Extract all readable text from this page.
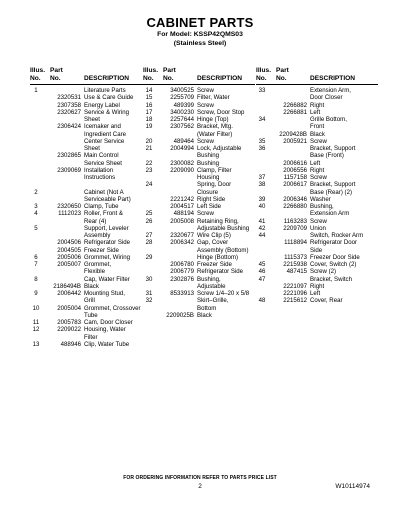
CABINET PARTS
For Model: KSSP42QMS03
(Stainless Steel)
Illus.
No.
Part
No.	DESCRIPTION
1	Literature Parts
2320531 Use & Care Guide
2307358 Energy Label
2320627 Service & Wiring
Sheet
2306424 Icemaker and
Ingredient Care
Center Service
Sheet
2302865 Main Control
Service Sheet
2309069 Installation
Instructions
2	Cabinet (Not A
Serviceable Part)
3	2320650 Clamp, Tube
4	1112023 Roller, Front &
Rear (4)
5	Support, Leveler
Assembly
2004506 Refrigerator Side
2004505 Freezer Side
6	2005006 Grommet, Wiring
7	2005007 Grommet,
Flexible
8	Cap, Water Filter
2186494B Black
9	2006442 Mounting Stud,
Grill
10	2005004 Grommet, Crossover
Tube
11	2005783 Cam, Door Closer
12	2209022 Housing, Water
Filter
13	488946 Clip, Water Tube
Illus.
No.
Part
No.	DESCRIPTION
14	3400525 Screw
15	2255709 Filter, Water
16	489399 Screw
17	3400230 Screw, Door Stop
18	2257644 Hinge (Top)
19	2307562 Bracket, Mtg.
(Water Filter)
20	489464 Screw
21	2004994 Lock, Adjustable
Bushing
22	2300082 Bushing
23	2209090 Clamp, Filter
Housing
24	Spring, Door
Closure
2221242 Right Side
2004517 Left Side
25	488194 Screw
26	2005008 Retaining Ring,
Adjustable Bushing
27	2320677 Wire Clip (5)
28	2006342 Gap, Cover
Assembly (Bottom)
29	Hinge (Bottom)
2006780 Freezer Side
2006779 Refrigerator Side
30	2302876 Bushing,
Adjustable
31	8533913 Screw 1/4–20 x 5/8
32	Skirt–Grille,
Bottom
2209025B Black
Illus.
No.
Part
No.	DESCRIPTION
33	Extension Arm,
Door Closer
2266882 Right
2266881 Left
34	Grille Bottom,
Front
2209428B Black
35	2005921 Screw
36	Bracket, Support
Base (Front)
2006616 Left
2006556 Right
37	1157158 Screw
38	2006617 Bracket, Support
Base (Rear) (2)
39	2006346 Washer
40	2266880 Bushing,
Extension Arm
41	1163283 Screw
42	2209709 Union
44	Switch, Rocker Arm
1118894 Refrigerator Door
Side
1115373 Freezer Door Side
45	2215938 Cover, Switch (2)
46	487415 Screw (2)
47	Bracket, Switch
2221097 Right
2221096 Left
48	2215612 Cover, Rear
FOR ORDERING INFORMATION REFER TO PARTS PRICE LIST
2	W10114974
